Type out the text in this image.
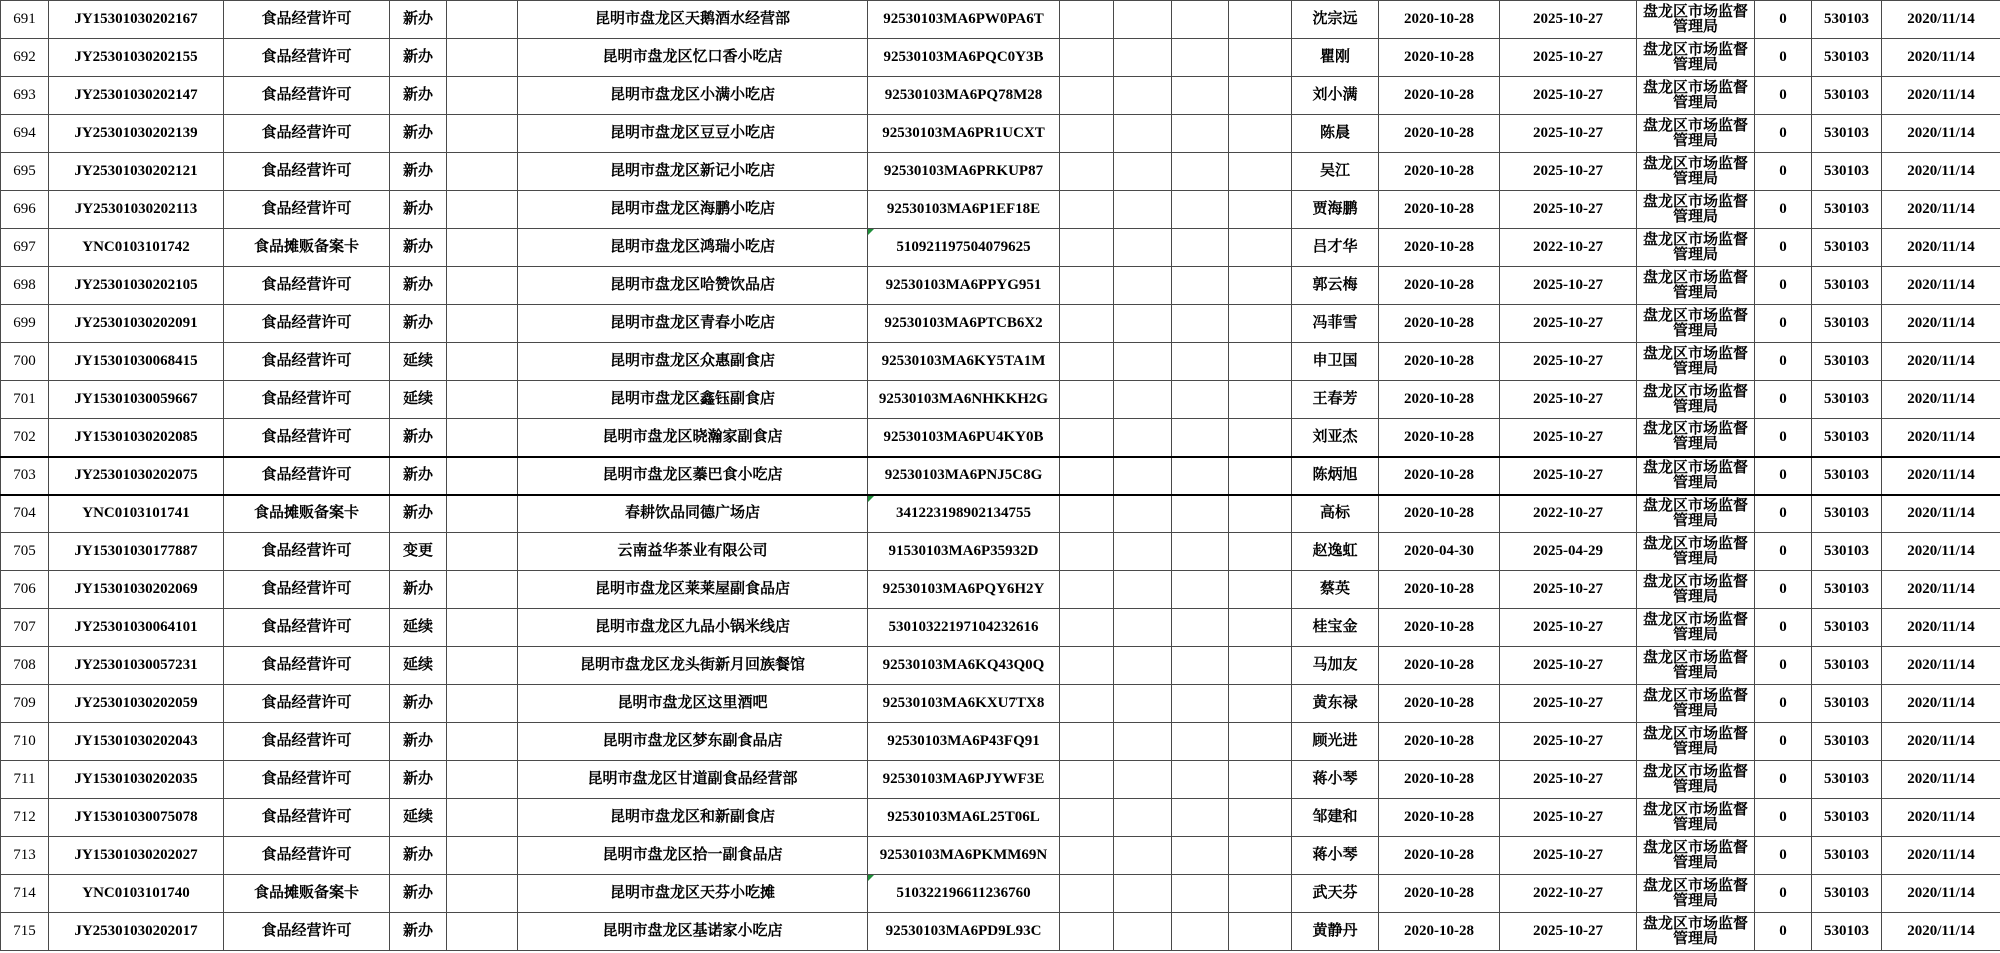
691	JY15301030202167	食品经营许可	新办		昆明市盘龙区天鹅酒水经营部	92530103MA6PW0PA6T					沈宗远	2020-10-28	2025-10-27	盘龙区市场监督管理局	0	530103	2020/11/14
692	JY25301030202155	食品经营许可	新办		昆明市盘龙区忆口香小吃店	92530103MA6PQC0Y3B					瞿刚	2020-10-28	2025-10-27	盘龙区市场监督管理局	0	530103	2020/11/14
693	JY25301030202147	食品经营许可	新办		昆明市盘龙区小满小吃店	92530103MA6PQ78M28					刘小满	2020-10-28	2025-10-27	盘龙区市场监督管理局	0	530103	2020/11/14
694	JY25301030202139	食品经营许可	新办		昆明市盘龙区豆豆小吃店	92530103MA6PR1UCXT					陈晨	2020-10-28	2025-10-27	盘龙区市场监督管理局	0	530103	2020/11/14
695	JY25301030202121	食品经营许可	新办		昆明市盘龙区新记小吃店	92530103MA6PRKUP87					吴江	2020-10-28	2025-10-27	盘龙区市场监督管理局	0	530103	2020/11/14
696	JY25301030202113	食品经营许可	新办		昆明市盘龙区海鹏小吃店	92530103MA6P1EF18E					贾海鹏	2020-10-28	2025-10-27	盘龙区市场监督管理局	0	530103	2020/11/14
697	YNC0103101742	食品摊贩备案卡	新办		昆明市盘龙区鸿瑞小吃店	510921197504079625					吕才华	2020-10-28	2022-10-27	盘龙区市场监督管理局	0	530103	2020/11/14
698	JY25301030202105	食品经营许可	新办		昆明市盘龙区哈赞饮品店	92530103MA6PPYG951					郭云梅	2020-10-28	2025-10-27	盘龙区市场监督管理局	0	530103	2020/11/14
699	JY25301030202091	食品经营许可	新办		昆明市盘龙区青春小吃店	92530103MA6PTCB6X2					冯菲雪	2020-10-28	2025-10-27	盘龙区市场监督管理局	0	530103	2020/11/14
700	JY15301030068415	食品经营许可	延续		昆明市盘龙区众惠副食店	92530103MA6KY5TA1M					申卫国	2020-10-28	2025-10-27	盘龙区市场监督管理局	0	530103	2020/11/14
701	JY15301030059667	食品经营许可	延续		昆明市盘龙区鑫钰副食店	92530103MA6NHKKH2G					王春芳	2020-10-28	2025-10-27	盘龙区市场监督管理局	0	530103	2020/11/14
702	JY15301030202085	食品经营许可	新办		昆明市盘龙区晓瀚家副食店	92530103MA6PU4KY0B					刘亚杰	2020-10-28	2025-10-27	盘龙区市场监督管理局	0	530103	2020/11/14
703	JY25301030202075	食品经营许可	新办		昆明市盘龙区蓁巴食小吃店	92530103MA6PNJ5C8G					陈炳旭	2020-10-28	2025-10-27	盘龙区市场监督管理局	0	530103	2020/11/14
704	YNC0103101741	食品摊贩备案卡	新办		春耕饮品同德广场店	341223198902134755					高标	2020-10-28	2022-10-27	盘龙区市场监督管理局	0	530103	2020/11/14
705	JY15301030177887	食品经营许可	变更		云南益华茶业有限公司	91530103MA6P35932D					赵逸虹	2020-04-30	2025-04-29	盘龙区市场监督管理局	0	530103	2020/11/14
706	JY15301030202069	食品经营许可	新办		昆明市盘龙区莱莱屋副食品店	92530103MA6PQY6H2Y					蔡英	2020-10-28	2025-10-27	盘龙区市场监督管理局	0	530103	2020/11/14
707	JY25301030064101	食品经营许可	延续		昆明市盘龙区九品小锅米线店	53010322197104232616					桂宝金	2020-10-28	2025-10-27	盘龙区市场监督管理局	0	530103	2020/11/14
708	JY25301030057231	食品经营许可	延续		昆明市盘龙区龙头街新月回族餐馆	92530103MA6KQ43Q0Q					马加友	2020-10-28	2025-10-27	盘龙区市场监督管理局	0	530103	2020/11/14
709	JY25301030202059	食品经营许可	新办		昆明市盘龙区这里酒吧	92530103MA6KXU7TX8					黄东禄	2020-10-28	2025-10-27	盘龙区市场监督管理局	0	530103	2020/11/14
710	JY15301030202043	食品经营许可	新办		昆明市盘龙区梦东副食品店	92530103MA6P43FQ91					顾光进	2020-10-28	2025-10-27	盘龙区市场监督管理局	0	530103	2020/11/14
711	JY15301030202035	食品经营许可	新办		昆明市盘龙区甘道副食品经营部	92530103MA6PJYWF3E					蒋小琴	2020-10-28	2025-10-27	盘龙区市场监督管理局	0	530103	2020/11/14
712	JY15301030075078	食品经营许可	延续		昆明市盘龙区和新副食店	92530103MA6L25T06L					邹建和	2020-10-28	2025-10-27	盘龙区市场监督管理局	0	530103	2020/11/14
713	JY15301030202027	食品经营许可	新办		昆明市盘龙区拾一副食品店	92530103MA6PKMM69N					蒋小琴	2020-10-28	2025-10-27	盘龙区市场监督管理局	0	530103	2020/11/14
714	YNC0103101740	食品摊贩备案卡	新办		昆明市盘龙区天芬小吃摊	510322196611236760					武天芬	2020-10-28	2022-10-27	盘龙区市场监督管理局	0	530103	2020/11/14
715	JY25301030202017	食品经营许可	新办		昆明市盘龙区基诺家小吃店	92530103MA6PD9L93C					黄静丹	2020-10-28	2025-10-27	盘龙区市场监督管理局	0	530103	2020/11/14
